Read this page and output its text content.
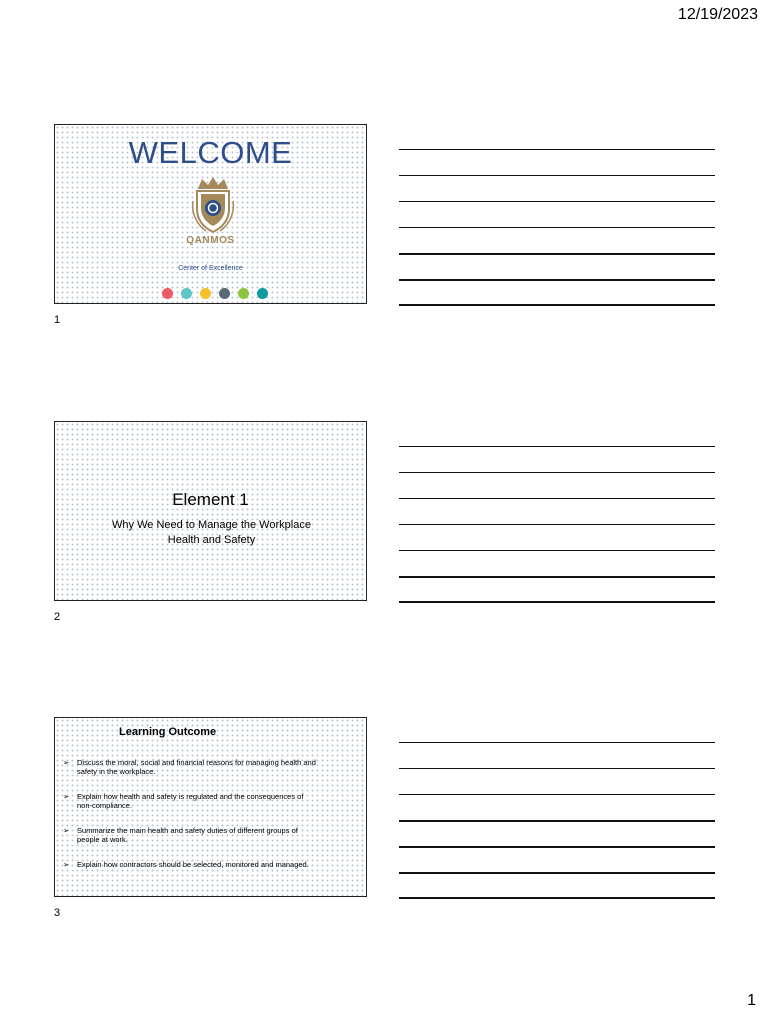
12/19/2023
WELCOME
QANMOS
Center of Excellence
1
Element 1
Why We Need to Manage the Workplace
Health and Safety
2
Learning Outcome
➢ Discuss the moral, social and financial reasons for managing health and
safety in the workplace.
➢ Explain how health and safety is regulated and the consequences of
non-compliance.
➢ Summarize the main health and safety duties of different groups of
people at work.
➢ Explain how contractors should be selected, monitored and managed.
3
1
